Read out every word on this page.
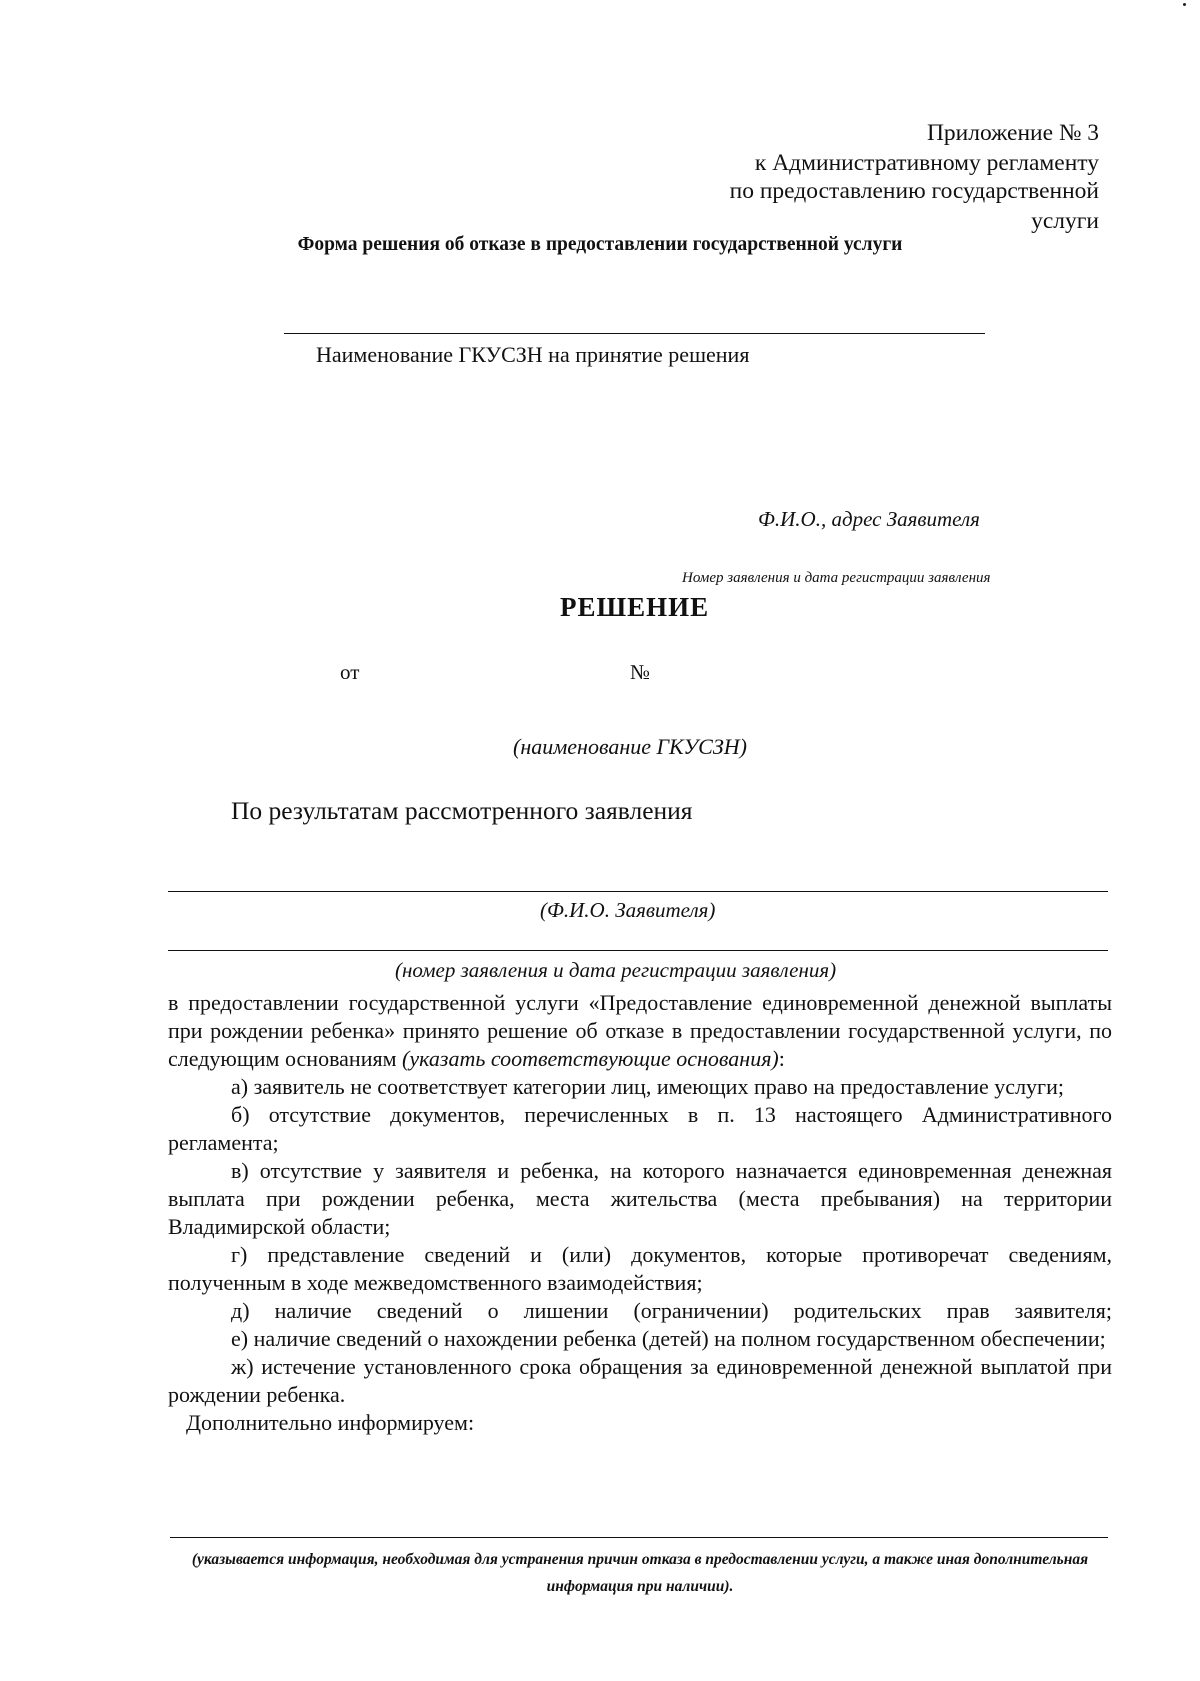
Приложение № 3
к Административному регламенту
по предоставлению государственной
услуги
Форма решения об отказе в предоставлении государственной услуги
Наименование ГКУСЗН на принятие решения
Ф.И.О., адрес Заявителя
Номер заявления и дата регистрации заявления
РЕШЕНИЕ
от	№
(наименование ГКУСЗН)
По результатам рассмотренного заявления
(Ф.И.О. Заявителя)
(номер заявления и дата регистрации заявления)

в предоставлении государственной услуги «Предоставление единовременной денежной выплаты при рождении ребенка» принято решение об отказе в предоставлении государственной услуги, по следующим основаниям (указать соответствующие основания):

а) заявитель не соответствует категории лиц, имеющих право на предоставление услуги;

б) отсутствие документов, перечисленных в п. 13 настоящего Административного регламента;

в) отсутствие у заявителя и ребенка, на которого назначается единовременная денежная выплата при рождении ребенка, места жительства (места пребывания) на территории Владимирской области;

г) представление сведений и (или) документов, которые противоречат сведениям, полученным в ходе межведомственного взаимодействия;

д) наличие сведений о лишении (ограничении) родительских прав заявителя;

е) наличие сведений о нахождении ребенка (детей) на полном государственном обеспечении;

ж) истечение установленного срока обращения за единовременной денежной выплатой при рождении ребенка.

Дополнительно информируем:

(указывается информация, необходимая для устранения причин отказа в предоставлении услуги, а также иная дополнительная информация при наличии).
